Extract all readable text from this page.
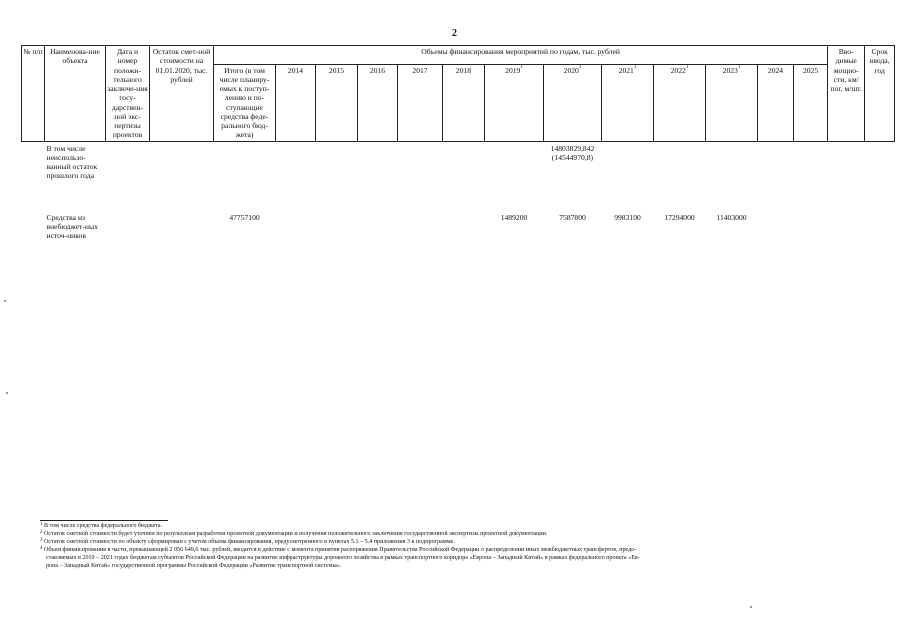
2
№ п/п	Наименова-ние объекта	Дата и номер положи-тельного заключе-ния госу-дарствен-ной экс-пертизы проектов	Остаток смет-ной стоимости на 01.01.2020, тыс. рублей	Объемы финансирования мероприятий по годам, тыс. рублей													Вво-димые мощно-сти, км/ пог. м/шт.	Срок ввода, год
				Итого (в том числе планиру-емых к поступ-лению и по-ступающие средства феде-рального бюд-жета)	2014	2015	2016	2017	2018	2019$^1$	2020$^1$	2021$^1$	2022$^1$	2023$^1$	2024	2025		
	В том числе неиспользо-ванный остаток прошлого года										14803829,842 (14544970,8)							
	Средства из внебюджет-ных источ-ников			47757100						1489200	7587800	9983100	17294000	11403000				
$^1$ В том числе средства федерального бюджета.
$^2$ Остаток сметной стоимости будет уточнен по результатам разработки проектной документации и получения положительного заключения государственной экспертизы проектной документации.
$^3$ Остаток сметной стоимости по объекту сформирован с учетом объема финансирования, предусмотренного в пунктах 5.1 – 5.4 приложения 3 к подпрограмме.
$^4$ Объем финансирования в части, превышающей 2 056 649,6 тыс. рублей, вводится в действие с момента принятия распоряжения Правительства Российской Федерации о распределении иных межбюджетных трансфертов, предо-
ставляемых в 2019 – 2021 годах бюджетам субъектов Российской Федерации на развитие инфраструктуры дорожного хозяйства в рамках транспортного коридора «Европа – Западный Китай» в рамках федерального проекта «Ев-
ропа – Западный Китай» государственной программы Российской Федерации «Развитие транспортной системы».
